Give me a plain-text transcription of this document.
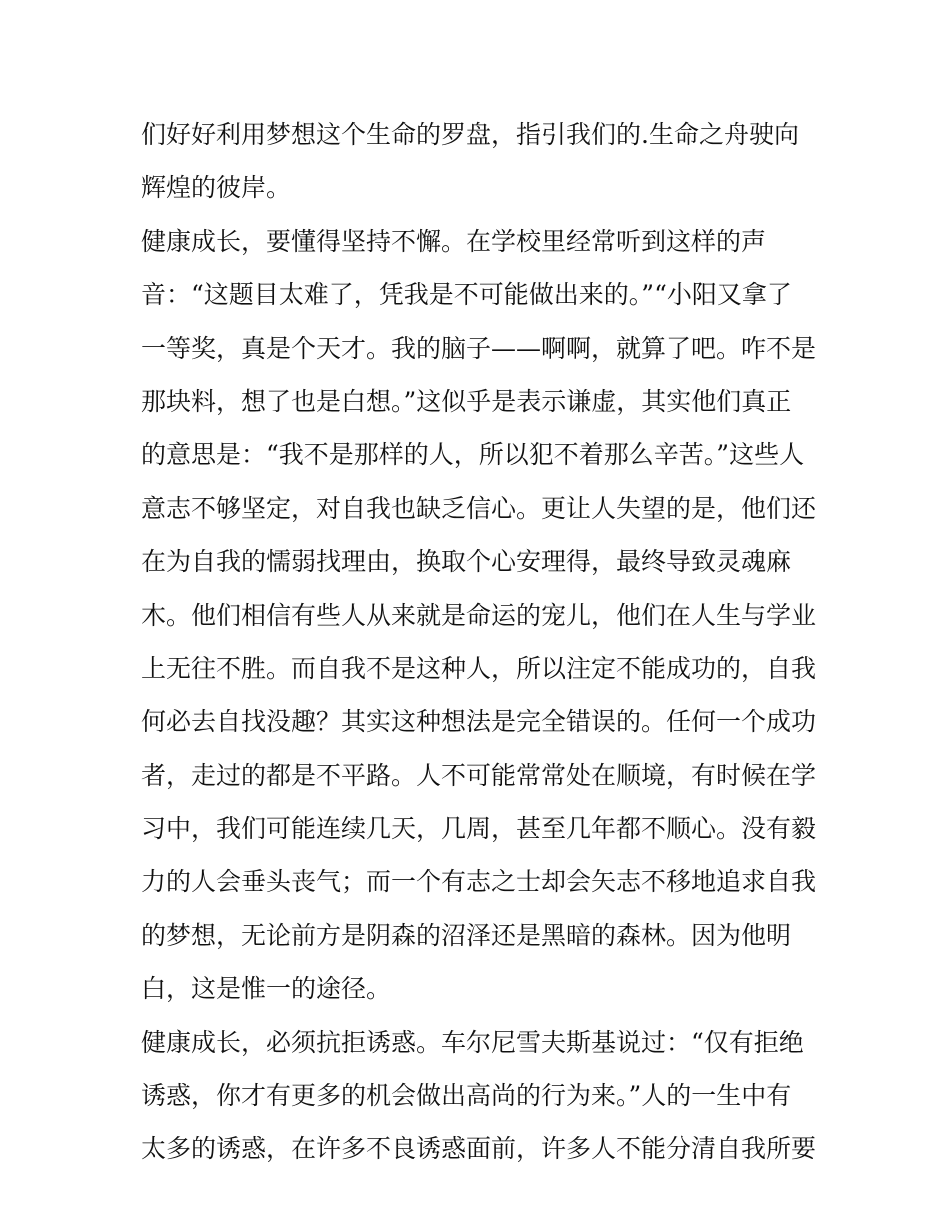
们好好利用梦想这个生命的罗盘，指引我们的.生命之舟驶向
辉煌的彼岸。
健康成长，要懂得坚持不懈。在学校里经常听到这样的声
音：“这题目太难了，凭我是不可能做出来的。”“小阳又拿了
一等奖，真是个天才。我的脑子——啊啊，就算了吧。咋不是
那块料，想了也是白想。”这似乎是表示谦虚，其实他们真正
的意思是：“我不是那样的人，所以犯不着那么辛苦。”这些人
意志不够坚定，对自我也缺乏信心。更让人失望的是，他们还
在为自我的懦弱找理由，换取个心安理得，最终导致灵魂麻
木。他们相信有些人从来就是命运的宠儿，他们在人生与学业
上无往不胜。而自我不是这种人，所以注定不能成功的，自我
何必去自找没趣？其实这种想法是完全错误的。任何一个成功
者，走过的都是不平路。人不可能常常处在顺境，有时候在学
习中，我们可能连续几天，几周，甚至几年都不顺心。没有毅
力的人会垂头丧气；而一个有志之士却会矢志不移地追求自我
的梦想，无论前方是阴森的沼泽还是黑暗的森林。因为他明
白，这是惟一的途径。
健康成长，必须抗拒诱惑。车尔尼雪夫斯基说过：“仅有拒绝
诱惑，你才有更多的机会做出高尚的行为来。”人的一生中有
太多的诱惑，在许多不良诱惑面前，许多人不能分清自我所要
